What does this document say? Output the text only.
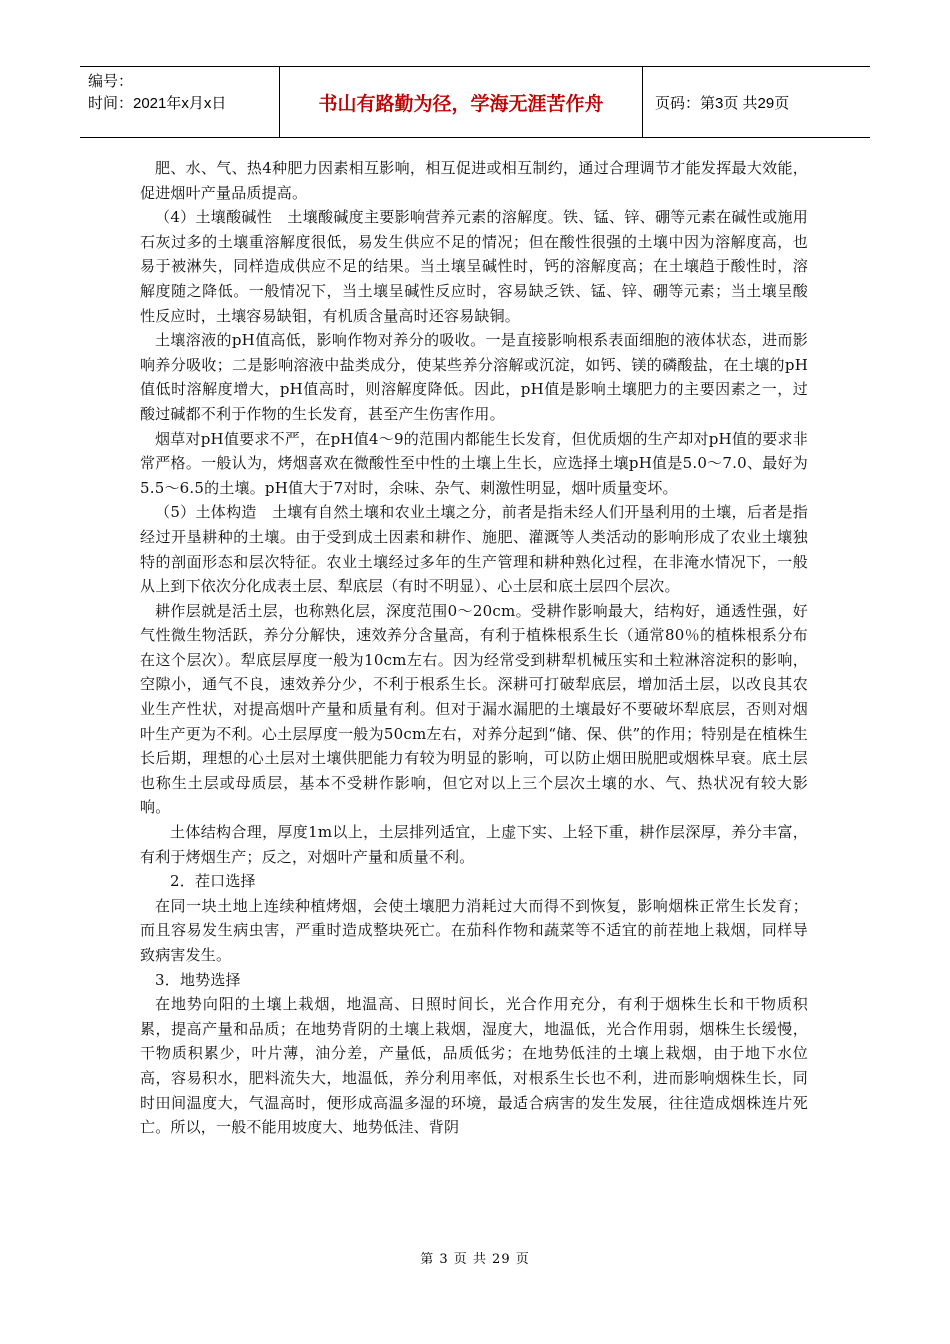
编号：
时间：2021年x月x日	书山有路勤为径，学海无涯苦作舟	页码：第3页 共29页

肥、水、气、热4种肥力因素相互影响，相互促进或相互制约，通过合理调节才能发挥最大效能，促进烟叶产量品质提高。

（4）土壤酸碱性　土壤酸碱度主要影响营养元素的溶解度。铁、锰、锌、硼等元素在碱性或施用石灰过多的土壤重溶解度很低，易发生供应不足的情况；但在酸性很强的土壤中因为溶解度高，也易于被淋失，同样造成供应不足的结果。当土壤呈碱性时，钙的溶解度高；在土壤趋于酸性时，溶解度随之降低。一般情况下，当土壤呈碱性反应时，容易缺乏铁、锰、锌、硼等元素；当土壤呈酸性反应时，土壤容易缺钼，有机质含量高时还容易缺铜。

土壤溶液的pH值高低，影响作物对养分的吸收。一是直接影响根系表面细胞的液体状态，进而影响养分吸收；二是影响溶液中盐类成分，使某些养分溶解或沉淀，如钙、镁的磷酸盐，在土壤的pH值低时溶解度增大，pH值高时，则溶解度降低。因此，pH值是影响土壤肥力的主要因素之一，过酸过碱都不利于作物的生长发育，甚至产生伤害作用。

烟草对pH值要求不严，在pH值4～9的范围内都能生长发育，但优质烟的生产却对pH值的要求非常严格。一般认为，烤烟喜欢在微酸性至中性的土壤上生长，应选择土壤pH值是5.0～7.0、最好为5.5～6.5的土壤。pH值大于7对时，余味、杂气、刺激性明显，烟叶质量变坏。

（5）土体构造　土壤有自然土壤和农业土壤之分，前者是指未经人们开垦利用的土壤，后者是指经过开垦耕种的土壤。由于受到成土因素和耕作、施肥、灌溉等人类活动的影响形成了农业土壤独特的剖面形态和层次特征。农业土壤经过多年的生产管理和耕种熟化过程，在非淹水情况下，一般从上到下依次分化成表土层、犁底层（有时不明显）、心土层和底土层四个层次。

耕作层就是活土层，也称熟化层，深度范围0～20cm。受耕作影响最大，结构好，通透性强，好气性微生物活跃，养分分解快，速效养分含量高，有利于植株根系生长（通常80％的植株根系分布在这个层次）。犁底层厚度一般为10cm左右。因为经常受到耕犁机械压实和土粒淋溶淀积的影响，空隙小，通气不良，速效养分少，不利于根系生长。深耕可打破犁底层，增加活土层，以改良其农业生产性状，对提高烟叶产量和质量有利。但对于漏水漏肥的土壤最好不要破坏犁底层，否则对烟叶生产更为不利。心土层厚度一般为50cm左右，对养分起到“储、保、供”的作用；特别是在植株生长后期，理想的心土层对土壤供肥能力有较为明显的影响，可以防止烟田脱肥或烟株早衰。底土层也称生土层或母质层，基本不受耕作影响，但它对以上三个层次土壤的水、气、热状况有较大影响。

土体结构合理，厚度1m以上，土层排列适宜，上虚下实、上轻下重，耕作层深厚，养分丰富，有利于烤烟生产；反之，对烟叶产量和质量不利。

2．茬口选择

在同一块土地上连续种植烤烟，会使土壤肥力消耗过大而得不到恢复，影响烟株正常生长发育；而且容易发生病虫害，严重时造成整块死亡。在茄科作物和蔬菜等不适宜的前茬地上栽烟，同样导致病害发生。

3．地势选择

在地势向阳的土壤上栽烟，地温高、日照时间长，光合作用充分，有利于烟株生长和干物质积累，提高产量和品质；在地势背阴的土壤上栽烟，湿度大，地温低，光合作用弱，烟株生长缓慢，干物质积累少，叶片薄，油分差，产量低，品质低劣；在地势低洼的土壤上栽烟，由于地下水位高，容易积水，肥料流失大，地温低，养分利用率低，对根系生长也不利，进而影响烟株生长，同时田间温度大，气温高时，便形成高温多湿的环境，最适合病害的发生发展，往往造成烟株连片死亡。所以，一般不能用坡度大、地势低洼、背阴

第 3 页 共 29 页
